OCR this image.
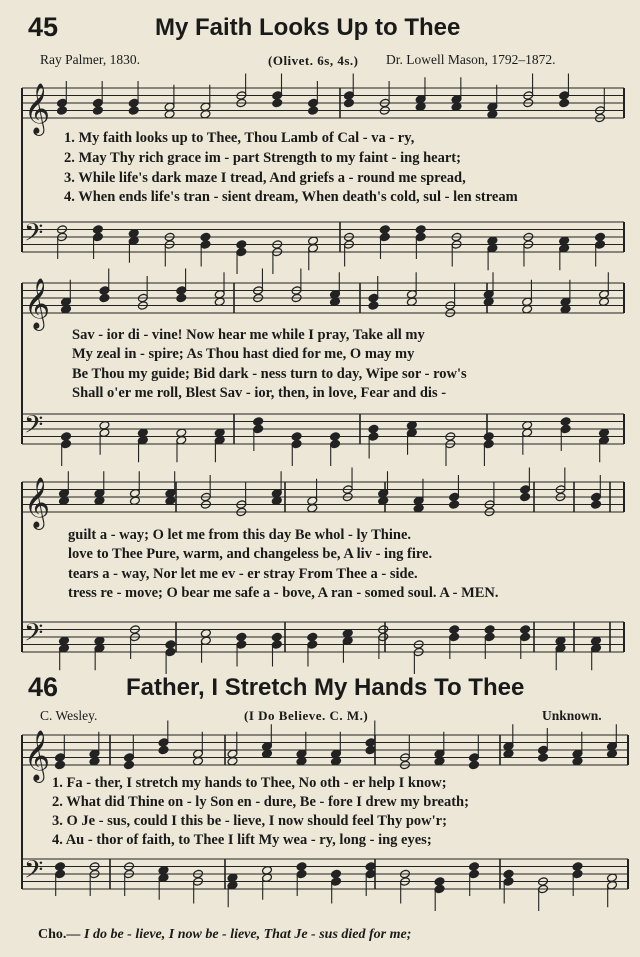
𝄞
𝄢
𝄞
𝄢
𝄞
𝄢
𝄞
𝄢
45	My Faith Looks Up to Thee
Ray Palmer, 1830.	(Olivet. 6s, 4s.) Dr. Lowell Mason, 1792–1872.
1. My faith looks up to Thee, Thou Lamb of Cal - va - ry,
2. May Thy rich grace im - part Strength to my faint - ing heart;
3. While life's dark maze I tread, And griefs a - round me spread,
4. When ends life's tran - sient dream, When death's cold, sul - len stream
Sav - ior di - vine! Now hear me while I pray, Take all my
My zeal in - spire; As Thou hast died for me, O may my
Be Thou my guide; Bid dark - ness turn to day, Wipe sor - row's
Shall o'er me roll, Blest Sav - ior, then, in love, Fear and dis -
guilt a - way; O let me from this day Be whol - ly Thine.
love to Thee Pure, warm, and changeless be, A liv - ing fire.
tears a - way, Nor let me ev - er stray From Thee a - side.
tress re - move; O bear me safe a - bove, A ran - somed soul. A - MEN.
46	Father, I Stretch My Hands To Thee
C. Wesley.	(I Do Believe. C. M.)	Unknown.
1. Fa - ther, I stretch my hands to Thee, No oth - er help I know;
2. What did Thine on - ly Son en - dure, Be - fore I drew my breath;
3. O Je - sus, could I this be - lieve, I now should feel Thy pow'r;
4. Au - thor of faith, to Thee I lift My wea - ry, long - ing eyes;
Cho.— I do be - lieve, I now be - lieve, That Je - sus died for me;
